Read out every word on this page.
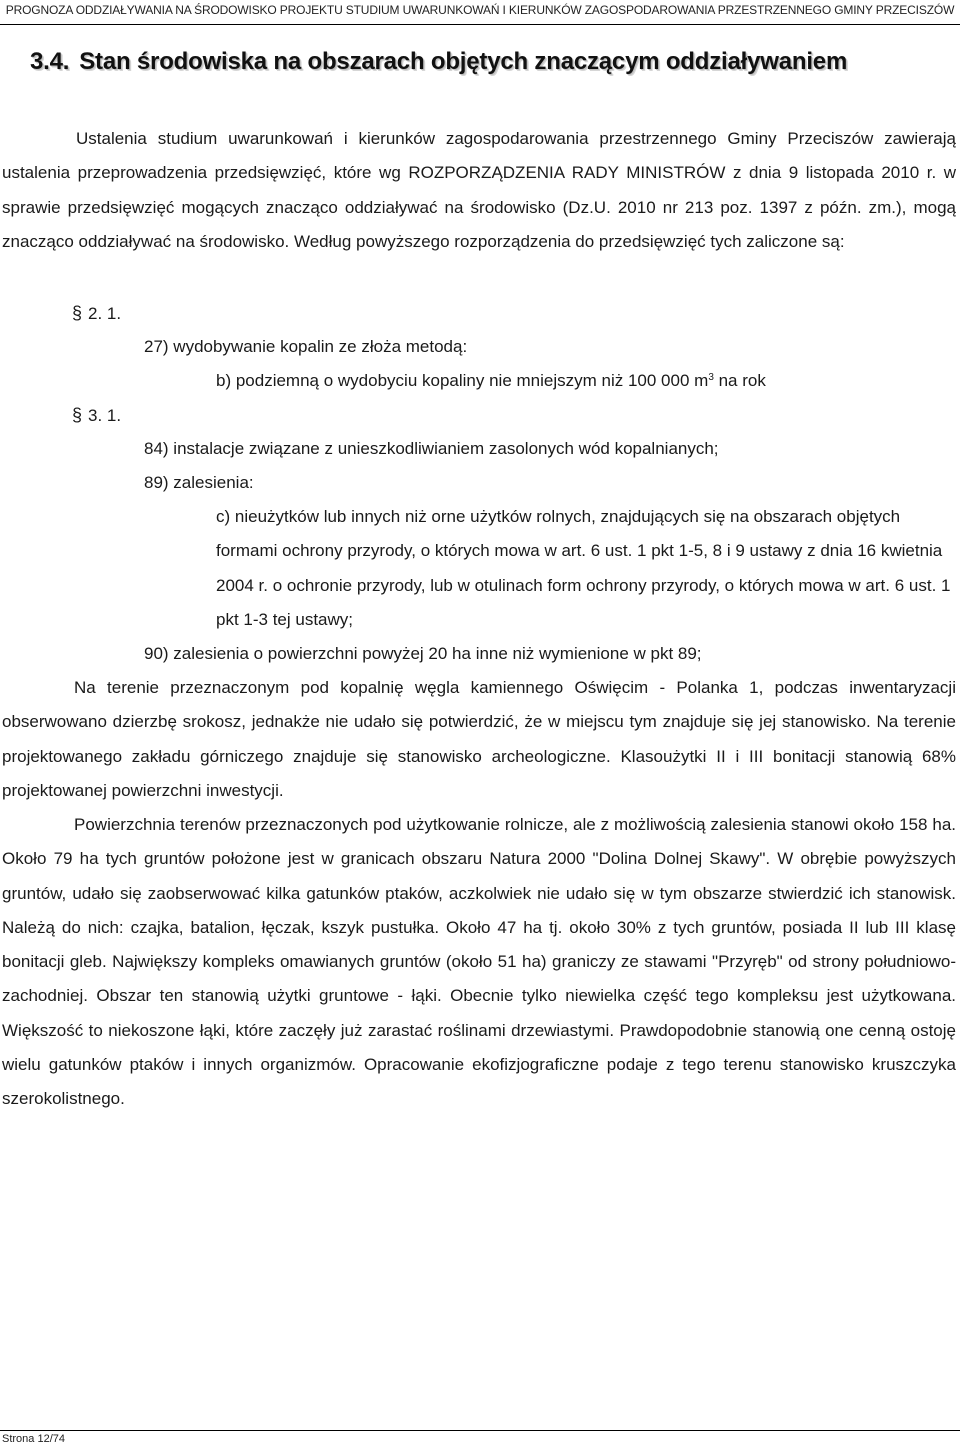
PROGNOZA ODDZIAŁYWANIA NA ŚRODOWISKO PROJEKTU STUDIUM UWARUNKOWAŃ I KIERUNKÓW ZAGOSPODAROWANIA PRZESTRZENNEGO GMINY PRZECISZÓW
3.4. Stan środowiska na obszarach objętych znaczącym oddziaływaniem
Ustalenia studium uwarunkowań i kierunków zagospodarowania przestrzennego Gminy Przeciszów zawierają ustalenia przeprowadzenia przedsięwzięć, które wg ROZPORZĄDZENIA RADY MINISTRÓW z dnia 9 listopada 2010 r. w sprawie przedsięwzięć mogących znacząco oddziaływać na środowisko (Dz.U. 2010 nr 213 poz. 1397 z późn. zm.), mogą znacząco oddziaływać na środowisko. Według powyższego rozporządzenia do przedsięwzięć tych zaliczone są:
§ 2. 1.
27) wydobywanie kopalin ze złoża metodą:
b) podziemną o wydobyciu kopaliny nie mniejszym niż 100 000 $m^3$ na rok
§ 3. 1.
84) instalacje związane z unieszkodliwianiem zasolonych wód kopalnianych;
89) zalesienia:
c) nieużytków lub innych niż orne użytków rolnych, znajdujących się na obszarach objętych formami ochrony przyrody, o których mowa w art. 6 ust. 1 pkt 1-5, 8 i 9 ustawy z dnia 16 kwietnia 2004 r. o ochronie przyrody, lub w otulinach form ochrony przyrody, o których mowa w art. 6 ust. 1 pkt 1-3 tej ustawy;
90) zalesienia o powierzchni powyżej 20 ha inne niż wymienione w pkt 89;
Na terenie przeznaczonym pod kopalnię węgla kamiennego Oświęcim - Polanka 1, podczas inwentaryzacji obserwowano dzierzbę srokosz, jednakże nie udało się potwierdzić, że w miejscu tym znajduje się jej stanowisko. Na terenie projektowanego zakładu górniczego znajduje się stanowisko archeologiczne. Klasoużytki II i III bonitacji stanowią 68% projektowanej powierzchni inwestycji.
Powierzchnia terenów przeznaczonych pod użytkowanie rolnicze, ale z możliwością zalesienia stanowi około 158 ha. Około 79 ha tych gruntów położone jest w granicach obszaru Natura 2000 "Dolina Dolnej Skawy". W obrębie powyższych gruntów, udało się zaobserwować kilka gatunków ptaków, aczkolwiek nie udało się w tym obszarze stwierdzić ich stanowisk. Należą do nich: czajka, batalion, łęczak, kszyk pustułka. Około 47 ha tj. około 30% z tych gruntów, posiada II lub III klasę bonitacji gleb. Największy kompleks omawianych gruntów (około 51 ha) graniczy ze stawami "Przyręb" od strony południowo-zachodniej. Obszar ten stanowią użytki gruntowe - łąki. Obecnie tylko niewielka część tego kompleksu jest użytkowana. Większość to niekoszone łąki, które zaczęły już zarastać roślinami drzewiastymi. Prawdopodobnie stanowią one cenną ostoję wielu gatunków ptaków i innych organizmów. Opracowanie ekofizjograficzne podaje z tego terenu stanowisko kruszczyka szerokolistnego.
Strona 12/74
